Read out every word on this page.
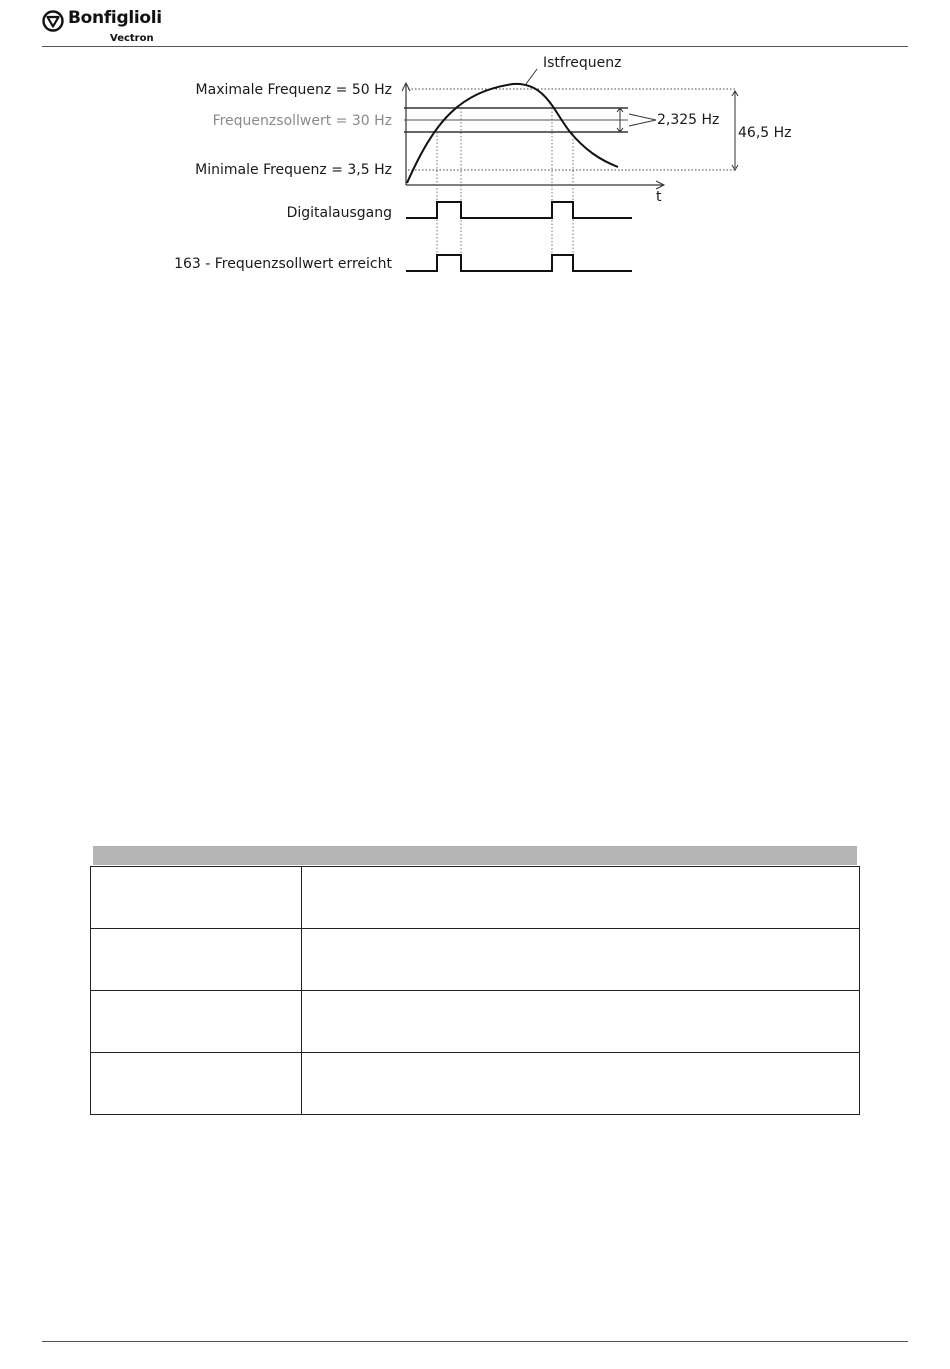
Bonfiglioli
Vectron
Maximale Frequenz = 50 Hz
Frequenzsollwert = 30 Hz
Minimale Frequenz = 3,5 Hz
Istfrequenz
2,325 Hz
46,5 Hz
t
Digitalausgang
163 - Frequenzsollwert erreicht
